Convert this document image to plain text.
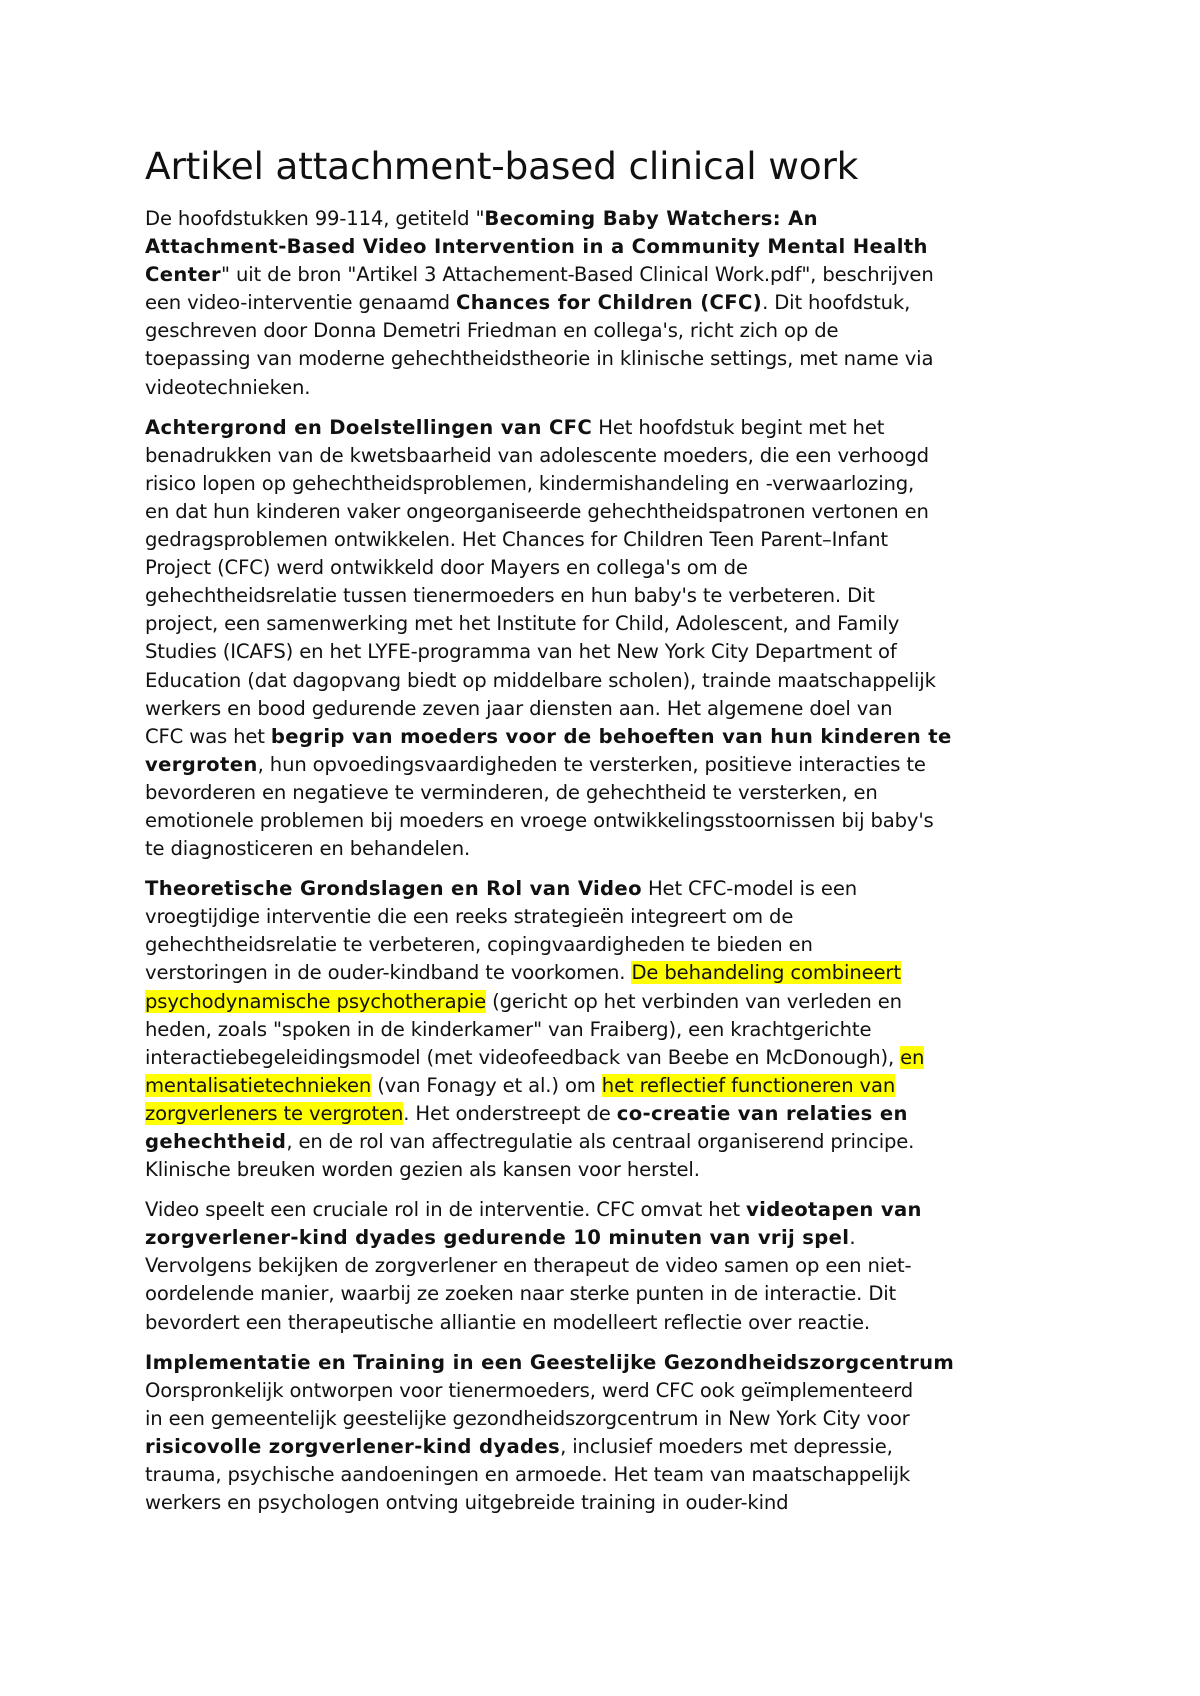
Artikel attachment-based clinical work

De hoofdstukken 99-114, getiteld "Becoming Baby Watchers: An
Attachment-Based Video Intervention in a Community Mental Health
Center" uit de bron "Artikel 3 Attachement-Based Clinical Work.pdf", beschrijven
een video-interventie genaamd Chances for Children (CFC). Dit hoofdstuk,
geschreven door Donna Demetri Friedman en collega's, richt zich op de
toepassing van moderne gehechtheidstheorie in klinische settings, met name via
videotechnieken.

Achtergrond en Doelstellingen van CFC Het hoofdstuk begint met het
benadrukken van de kwetsbaarheid van adolescente moeders, die een verhoogd
risico lopen op gehechtheidsproblemen, kindermishandeling en -verwaarlozing,
en dat hun kinderen vaker ongeorganiseerde gehechtheidspatronen vertonen en
gedragsproblemen ontwikkelen. Het Chances for Children Teen Parent–Infant
Project (CFC) werd ontwikkeld door Mayers en collega's om de
gehechtheidsrelatie tussen tienermoeders en hun baby's te verbeteren. Dit
project, een samenwerking met het Institute for Child, Adolescent, and Family
Studies (ICAFS) en het LYFE-programma van het New York City Department of
Education (dat dagopvang biedt op middelbare scholen), trainde maatschappelijk
werkers en bood gedurende zeven jaar diensten aan. Het algemene doel van
CFC was het begrip van moeders voor de behoeften van hun kinderen te
vergroten, hun opvoedingsvaardigheden te versterken, positieve interacties te
bevorderen en negatieve te verminderen, de gehechtheid te versterken, en
emotionele problemen bij moeders en vroege ontwikkelingsstoornissen bij baby's
te diagnosticeren en behandelen.

Theoretische Grondslagen en Rol van Video Het CFC-model is een
vroegtijdige interventie die een reeks strategieën integreert om de
gehechtheidsrelatie te verbeteren, copingvaardigheden te bieden en
verstoringen in de ouder-kindband te voorkomen. De behandeling combineert
psychodynamische psychotherapie (gericht op het verbinden van verleden en
heden, zoals "spoken in de kinderkamer" van Fraiberg), een krachtgerichte
interactiebegeleidingsmodel (met videofeedback van Beebe en McDonough), en
mentalisatietechnieken (van Fonagy et al.) om het reflectief functioneren van
zorgverleners te vergroten. Het onderstreept de co-creatie van relaties en
gehechtheid, en de rol van affectregulatie als centraal organiserend principe.
Klinische breuken worden gezien als kansen voor herstel.

Video speelt een cruciale rol in de interventie. CFC omvat het videotapen van
zorgverlener-kind dyades gedurende 10 minuten van vrij spel.
Vervolgens bekijken de zorgverlener en therapeut de video samen op een niet-
oordelende manier, waarbij ze zoeken naar sterke punten in de interactie. Dit
bevordert een therapeutische alliantie en modelleert reflectie over reactie.

Implementatie en Training in een Geestelijke Gezondheidszorgcentrum
Oorspronkelijk ontworpen voor tienermoeders, werd CFC ook geïmplementeerd
in een gemeentelijk geestelijke gezondheidszorgcentrum in New York City voor
risicovolle zorgverlener-kind dyades, inclusief moeders met depressie,
trauma, psychische aandoeningen en armoede. Het team van maatschappelijk
werkers en psychologen ontving uitgebreide training in ouder-kind
